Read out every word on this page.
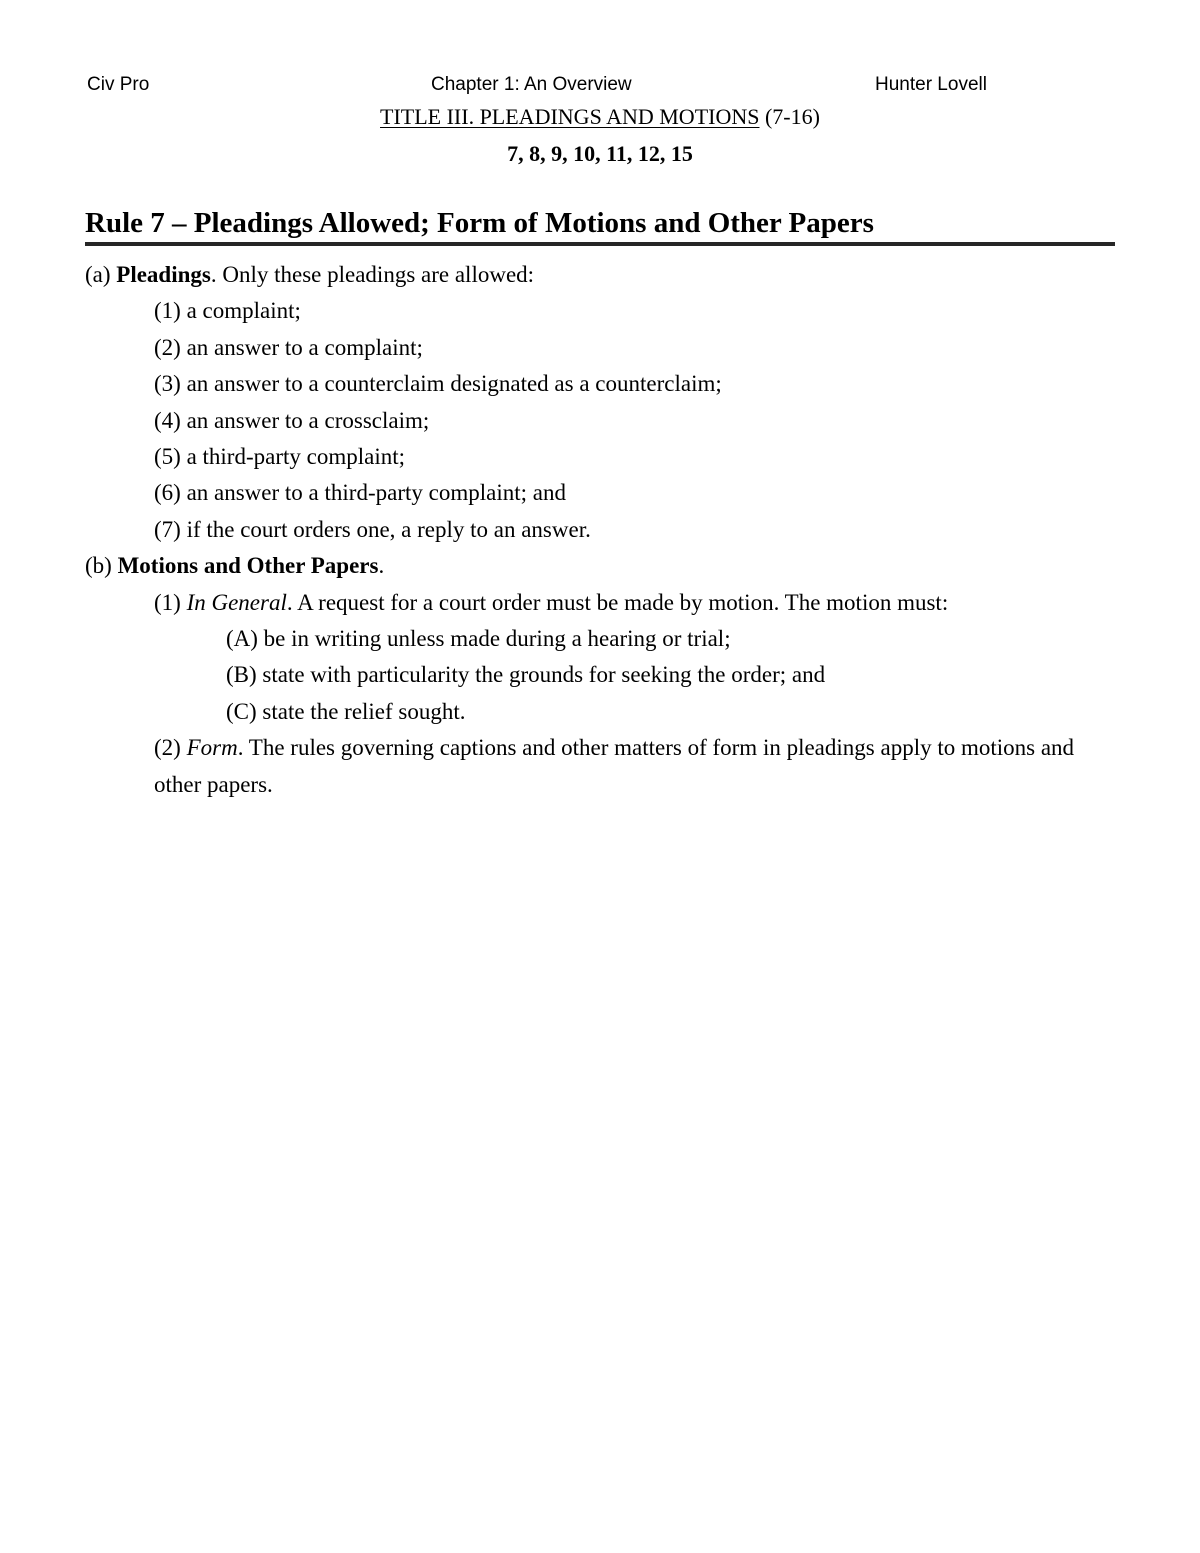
Civ Pro	Chapter 1: An Overview	Hunter Lovell
TITLE III. PLEADINGS AND MOTIONS (7-16)
7, 8, 9, 10, 11, 12, 15
Rule 7 – Pleadings Allowed; Form of Motions and Other Papers
(a) Pleadings. Only these pleadings are allowed:
(1) a complaint;
(2) an answer to a complaint;
(3) an answer to a counterclaim designated as a counterclaim;
(4) an answer to a crossclaim;
(5) a third-party complaint;
(6) an answer to a third-party complaint; and
(7) if the court orders one, a reply to an answer.
(b) Motions and Other Papers.
(1) In General. A request for a court order must be made by motion. The motion must:
(A) be in writing unless made during a hearing or trial;
(B) state with particularity the grounds for seeking the order; and
(C) state the relief sought.
(2) Form. The rules governing captions and other matters of form in pleadings apply to motions and other papers.
